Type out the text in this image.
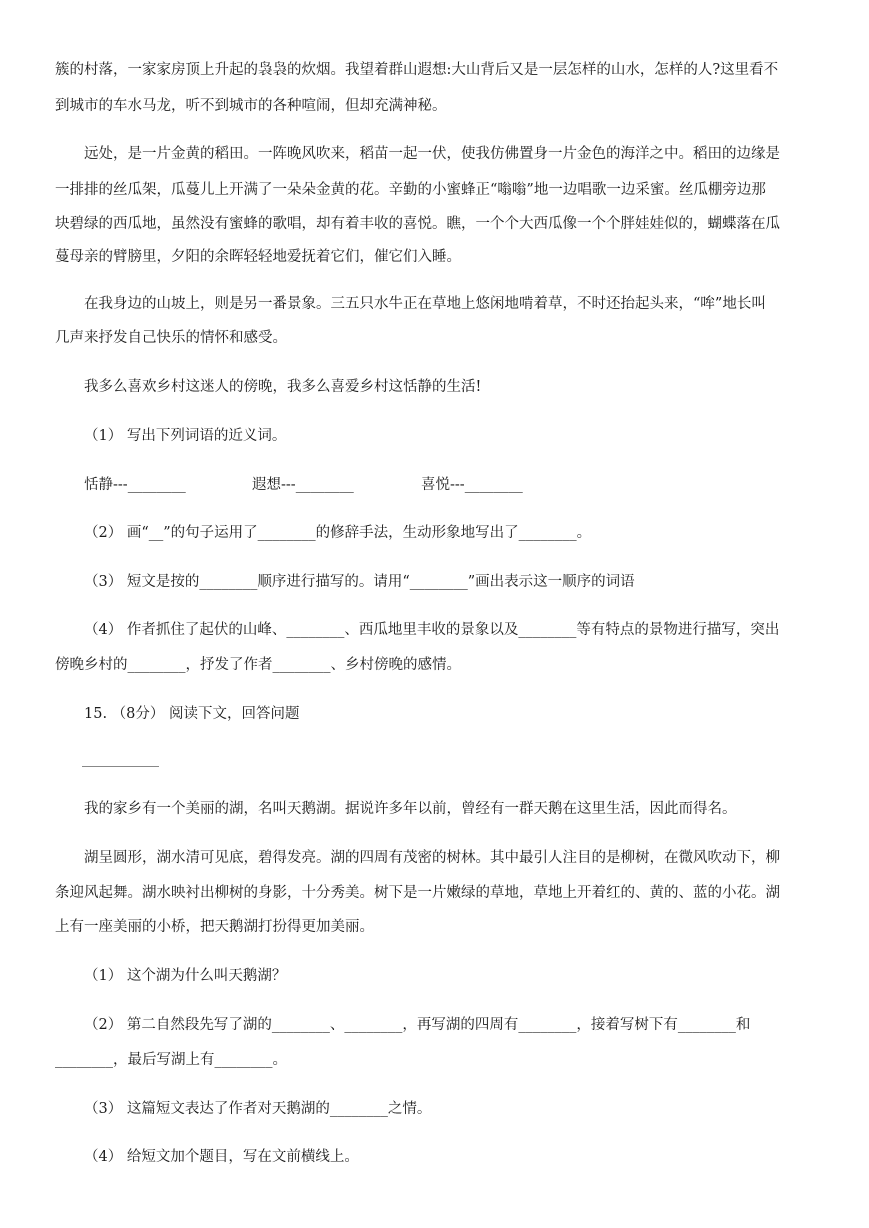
簇的村落，一家家房顶上升起的袅袅的炊烟。我望着群山遐想:大山背后又是一层怎样的山水，怎样的人?这里看不
到城市的车水马龙，听不到城市的各种喧闹，但却充满神秘。
远处，是一片金黄的稻田。一阵晚风吹来，稻苗一起一伏，使我仿佛置身一片金色的海洋之中。稻田的边缘是
一排排的丝瓜架，瓜蔓儿上开满了一朵朵金黄的花。辛勤的小蜜蜂正“嗡嗡”地一边唱歌一边采蜜。丝瓜棚旁边那
块碧绿的西瓜地，虽然没有蜜蜂的歌唱，却有着丰收的喜悦。瞧，一个个大西瓜像一个个胖娃娃似的，蝴蝶落在瓜
蔓母亲的臂膀里，夕阳的余晖轻轻地爱抚着它们，催它们入睡。
在我身边的山坡上，则是另一番景象。三五只水牛正在草地上悠闲地啃着草，不时还抬起头来，“哞”地长叫
几声来抒发自己快乐的情怀和感受。
我多么喜欢乡村这迷人的傍晚，我多么喜爱乡村这恬静的生活!
（1） 写出下列词语的近义词。
恬静---________	遐想---________	喜悦---________
（2） 画“__”的句子运用了________的修辞手法，生动形象地写出了________。
（3） 短文是按的________顺序进行描写的。请用“________”画出表示这一顺序的词语
（4） 作者抓住了起伏的山峰、________、西瓜地里丰收的景象以及________等有特点的景物进行描写，突出
傍晚乡村的________，抒发了作者________、乡村傍晚的感情。
15. （8分） 阅读下文，回答问题
我的家乡有一个美丽的湖，名叫天鹅湖。据说许多年以前，曾经有一群天鹅在这里生活，因此而得名。
湖呈圆形，湖水清可见底，碧得发亮。湖的四周有茂密的树林。其中最引人注目的是柳树，在微风吹动下，柳
条迎风起舞。湖水映衬出柳树的身影，十分秀美。树下是一片嫩绿的草地，草地上开着红的、黄的、蓝的小花。湖
上有一座美丽的小桥，把天鹅湖打扮得更加美丽。
（1） 这个湖为什么叫天鹅湖？
（2） 第二自然段先写了湖的________、________，再写湖的四周有________，接着写树下有________和
________，最后写湖上有________。
（3） 这篇短文表达了作者对天鹅湖的________之情。
（4） 给短文加个题目，写在文前横线上。
